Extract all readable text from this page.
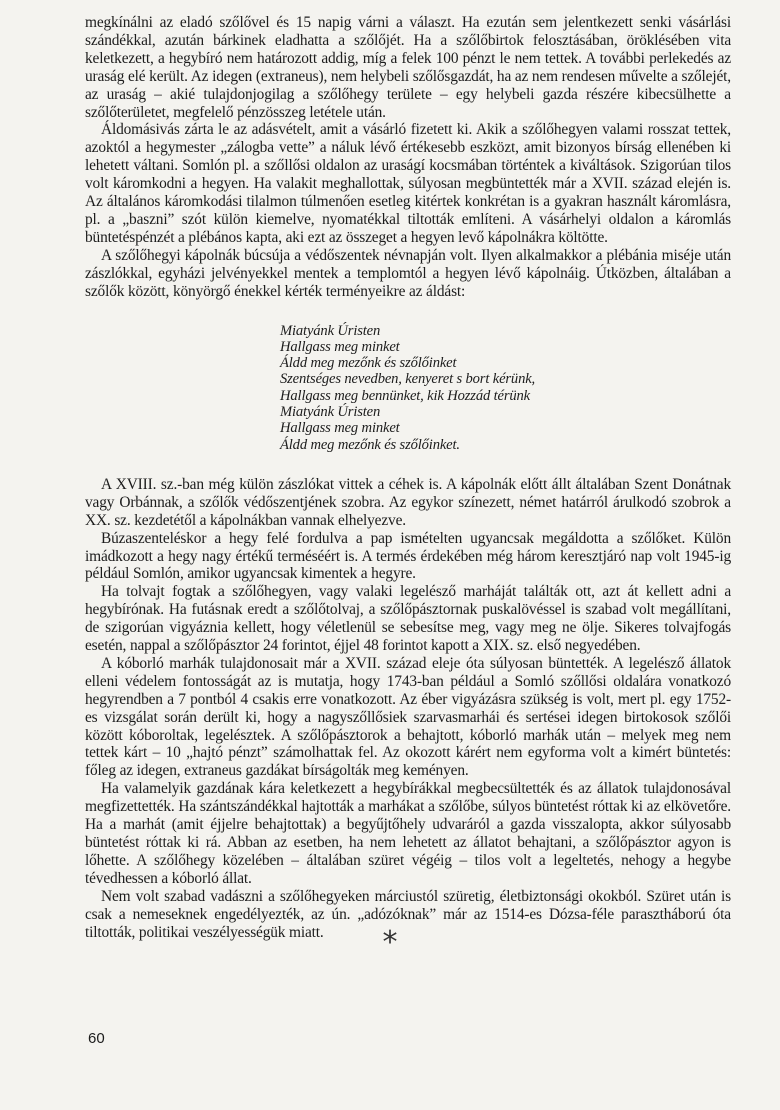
megkínálni az eladó szőlővel és 15 napig várni a választ. Ha ezután sem jelentkezett senki vásárlási szándékkal, azután bárkinek eladhatta a szőlőjét. Ha a szőlőbirtok felosztásában, öröklésében vita keletkezett, a hegybíró nem határozott addig, míg a felek 100 pénzt le nem tettek. A további perlekedés az uraság elé került. Az idegen (extraneus), nem helybeli szőlősgazdát, ha az nem rendesen művelte a szőlejét, az uraság – akié tulajdonjogilag a szőlőhegy területe – egy helybeli gazda részére kibecsülhette a szőlőterületet, megfelelő pénzösszeg letétele után.

Áldomásivás zárta le az adásvételt, amit a vásárló fizetett ki. Akik a szőlőhegyen valami rosszat tettek, azoktól a hegymester „zálogba vette” a náluk lévő értékesebb eszközt, amit bizonyos bírság ellenében ki lehetett váltani. Somlón pl. a szőllősi oldalon az uraságí kocsmában történtek a kiváltások. Szigorúan tilos volt káromkodni a hegyen. Ha valakit meghallottak, súlyosan megbüntették már a XVII. század elején is. Az általános káromkodási tilalmon túlmenően esetleg kitértek konkrétan is a gyakran használt káromlásra, pl. a „baszni” szót külön kiemelve, nyomatékkal tiltották említeni. A vásárhelyi oldalon a káromlás büntetéspénzét a plébános kapta, aki ezt az összeget a hegyen levő kápolnákra költötte.

A szőlőhegyi kápolnák búcsúja a védőszentek névnapján volt. Ilyen alkalmakkor a plébánia miséje után zászlókkal, egyházi jelvényekkel mentek a templomtól a hegyen lévő kápolnáig. Útközben, általában a szőlők között, könyörgő énekkel kérték terményeikre az áldást:

Miatyánk Úristen
Hallgass meg minket
Áldd meg mezőnk és szőlőinket
Szentséges nevedben, kenyeret s bort kérünk,
Hallgass meg bennünket, kik Hozzád térünk
Miatyánk Úristen
Hallgass meg minket
Áldd meg mezőnk és szőlőinket.

A XVIII. sz.-ban még külön zászlókat vittek a céhek is. A kápolnák előtt állt általában Szent Donátnak vagy Orbánnak, a szőlők védőszentjének szobra. Az egykor színezett, német határról árulkodó szobrok a XX. sz. kezdetétől a kápolnákban vannak elhelyezve.

Búzaszenteléskor a hegy felé fordulva a pap ismételten ugyancsak megáldotta a szőlőket. Külön imádkozott a hegy nagy értékű terméséért is. A termés érdekében még három keresztjáró nap volt 1945-ig például Somlón, amikor ugyancsak kimentek a hegyre.

Ha tolvajt fogtak a szőlőhegyen, vagy valaki legelésző marháját találták ott, azt át kellett adni a hegybírónak. Ha futásnak eredt a szőlőtolvaj, a szőlőpásztornak puskalövéssel is szabad volt megállítani, de szigorúan vigyáznia kellett, hogy véletlenül se sebesítse meg, vagy meg ne ölje. Sikeres tolvajfogás esetén, nappal a szőlőpásztor 24 forintot, éjjel 48 forintot kapott a XIX. sz. első negyedében.

A kóborló marhák tulajdonosait már a XVII. század eleje óta súlyosan büntették. A legelésző állatok elleni védelem fontosságát az is mutatja, hogy 1743-ban például a Somló szőllősi oldalára vonatkozó hegyrendben a 7 pontból 4 csakis erre vonatkozott. Az éber vigyázásra szükség is volt, mert pl. egy 1752-es vizsgálat során derült ki, hogy a nagyszőllősiek szarvasmarhái és sertései idegen birtokosok szőlői között kóboroltak, legelésztek. A szőlőpásztorok a behajtott, kóborló marhák után – melyek meg nem tettek kárt – 10 „hajtó pénzt” számolhattak fel. Az okozott kárért nem egyforma volt a kimért büntetés: főleg az idegen, extraneus gazdákat bírságolták meg keményen.

Ha valamelyik gazdának kára keletkezett a hegybírákkal megbecsültették és az állatok tulajdonosával megfizettették. Ha szántszándékkal hajtották a marhákat a szőlőbe, súlyos büntetést róttak ki az elkövetőre. Ha a marhát (amit éjjelre behajtottak) a begyűjtőhely udvaráról a gazda visszalopta, akkor súlyosabb büntetést róttak ki rá. Abban az esetben, ha nem lehetett az állatot behajtani, a szőlőpásztor agyon is lőhette. A szőlőhegy közelében – általában szüret végéig – tilos volt a legeltetés, nehogy a hegybe tévedhessen a kóborló állat.

Nem volt szabad vadászni a szőlőhegyeken márciustól szüretig, életbiztonsági okokból. Szüret után is csak a nemeseknek engedélyezték, az ún. „adózóknak” már az 1514-es Dózsa-féle parasztháború óta tiltották, politikai veszélyességük miatt.	*
60
